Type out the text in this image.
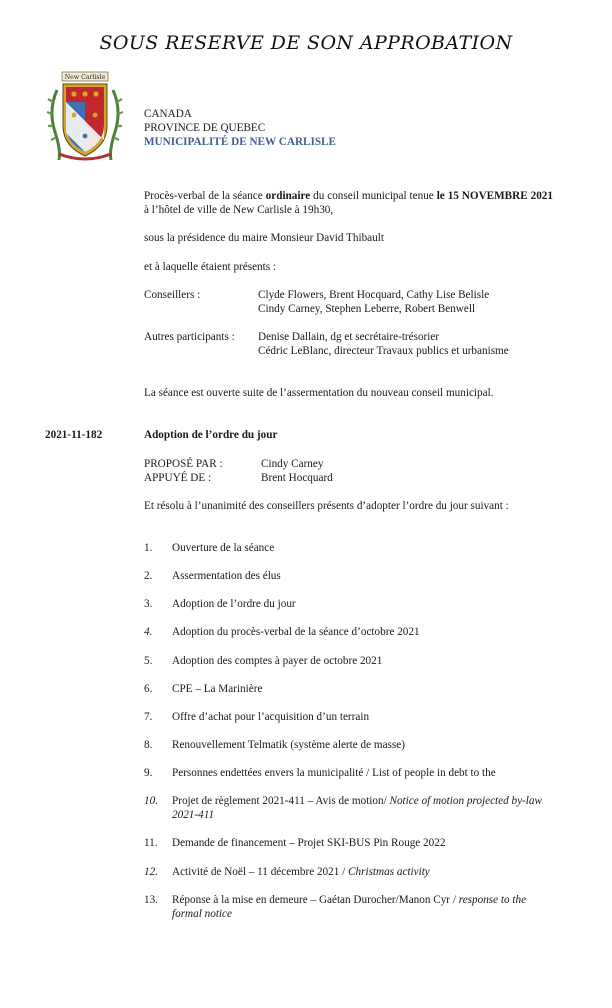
SOUS RESERVE DE SON APPROBATION
New Carlisle
CANADA
PROVINCE DE QUEBEC
MUNICIPALITÉ DE NEW CARLISLE
Procès-verbal de la séance ordinaire du conseil municipal tenue le 15 NOVEMBRE 2021 à l’hôtel de ville de New Carlisle à 19h30,
sous la présidence du maire Monsieur David Thibault
et à laquelle étaient présents :
Conseillers :	Clyde Flowers, Brent Hocquard, Cathy Lise Belisle
Cindy Carney, Stephen Leberre, Robert Benwell
Autres participants : Denise Dallain, dg et secrétaire-trésorier
Cédric LeBlanc, directeur Travaux publics et urbanisme
La séance est ouverte suite de l’assermentation du nouveau conseil municipal.
2021-11-182	Adoption de l’ordre du jour
PROPOSÉ PAR :	Cindy Carney
APPUYÉ DE :	Brent Hocquard
Et résolu à l’unanimité des conseillers présents d’adopter l’ordre du jour suivant :
1. Ouverture de la séance
2. Assermentation des élus
3. Adoption de l’ordre du jour
4. Adoption du procès-verbal de la séance d’octobre 2021
5. Adoption des comptes à payer de octobre 2021
6. CPE – La Marinière
7. Offre d’achat pour l’acquisition d’un terrain
8. Renouvellement Telmatik (système alerte de masse)
9. Personnes endettées envers la municipalité / List of people in debt to the
10. Projet de règlement 2021-411 – Avis de motion/ Notice of motion projected by-law 2021-411
11. Demande de financement – Projet SKI-BUS Pin Rouge 2022
12. Activité de Noël – 11 décembre 2021 / Christmas activity
13. Réponse à la mise en demeure – Gaétan Durocher/Manon Cyr / response to the formal notice
